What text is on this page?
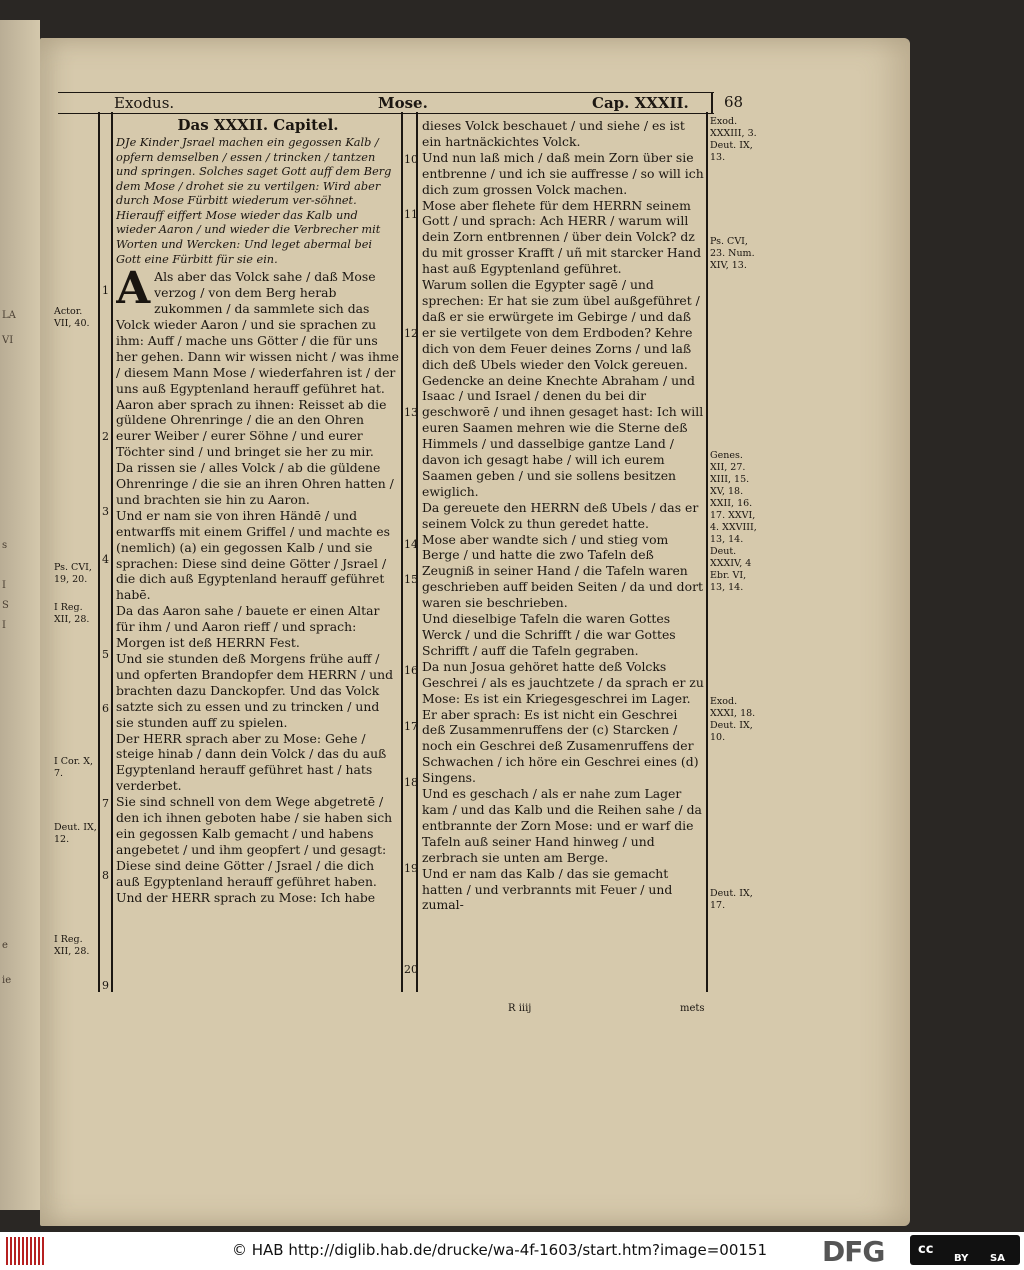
LA
VI
s
I
S
I
e
ie
Exodus.	Mose.	Cap. XXXII. 68
Das XXXII. Capitel.
DJe Kinder Jsrael machen ein gegossen Kalb / opfern demselben / essen / trincken / tantzen und springen. Solches saget Gott auff dem Berg dem Mose / drohet sie zu vertilgen: Wird aber durch Mose Fürbitt wiederum ver-söhnet. Hierauff eiffert Mose wieder das Kalb und wieder Aaron / und wieder die Verbrecher mit Worten und Wercken: Und leget abermal bei Gott eine Fürbitt für sie ein.

A Als aber das Volck sahe / daß Mose verzog / von dem Berg herab zukommen / da sammlete sich das Volck wieder Aaron / und sie sprachen zu ihm: Auff / mache uns Götter / die für uns her gehen. Dann wir wissen nicht / was ihme / diesem Mann Mose / wiederfahren ist / der uns auß Egyptenland herauff geführet hat.

Aaron aber sprach zu ihnen: Reisset ab die güldene Ohrenringe / die an den Ohren eurer Weiber / eurer Söhne / und eurer Töchter sind / und bringet sie her zu mir.

Da rissen sie / alles Volck / ab die güldene Ohrenringe / die sie an ihren Ohren hatten / und brachten sie hin zu Aaron.

Und er nam sie von ihren Händē / und entwarffs mit einem Griffel / und machte es (nemlich) (a) ein gegossen Kalb / und sie sprachen: Diese sind deine Götter / Jsrael / die dich auß Egyptenland herauff geführet habē.

Da das Aaron sahe / bauete er einen Altar für ihm / und Aaron rieff / und sprach: Morgen ist deß HERRN Fest.

Und sie stunden deß Morgens frühe auff / und opferten Brandopfer dem HERRN / und brachten dazu Danckopfer. Und das Volck satzte sich zu essen und zu trincken / und sie stunden auff zu spielen.

Der HERR sprach aber zu Mose: Gehe / steige hinab / dann dein Volck / das du auß Egyptenland herauff geführet hast / hats verderbet.

Sie sind schnell von dem Wege abgetretē / den ich ihnen geboten habe / sie haben sich ein gegossen Kalb gemacht / und habens angebetet / und ihm geopfert / und gesagt: Diese sind deine Götter / Jsrael / die dich auß Egyptenland herauff geführet haben.

Und der HERR sprach zu Mose: Ich habe

1
2
3
4
5
6
7
8
9

dieses Volck beschauet / und siehe / es ist ein hartnäckichtes Volck.

Und nun laß mich / daß mein Zorn über sie entbrenne / und ich sie auffresse / so will ich dich zum grossen Volck machen.

Mose aber flehete für dem HERRN seinem Gott / und sprach: Ach HERR / warum will dein Zorn entbrennen / über dein Volck? dz du mit grosser Krafft / uñ mit starcker Hand hast auß Egyptenland geführet.

Warum sollen die Egypter sagē / und sprechen: Er hat sie zum übel außgeführet / daß er sie erwürgete im Gebirge / und daß er sie vertilgete von dem Erdboden? Kehre dich von dem Feuer deines Zorns / und laß dich deß Ubels wieder den Volck gereuen.

Gedencke an deine Knechte Abraham / und Isaac / und Israel / denen du bei dir geschworē / und ihnen gesaget hast: Ich will euren Saamen mehren wie die Sterne deß Himmels / und dasselbige gantze Land / davon ich gesagt habe / will ich eurem Saamen geben / und sie sollens besitzen ewiglich.

Da gereuete den HERRN deß Ubels / das er seinem Volck zu thun geredet hatte.

Mose aber wandte sich / und stieg vom Berge / und hatte die zwo Tafeln deß Zeugniß in seiner Hand / die Tafeln waren geschrieben auff beiden Seiten / da und dort waren sie beschrieben.

Und dieselbige Tafeln die waren Gottes Werck / und die Schrifft / die war Gottes Schrifft / auff die Tafeln gegraben.

Da nun Josua gehöret hatte deß Volcks Geschrei / als es jauchtzete / da sprach er zu Mose: Es ist ein Kriegesgeschrei im Lager.

Er aber sprach: Es ist nicht ein Geschrei deß Zusammenruffens der (c) Starcken / noch ein Geschrei deß Zusamenruffens der Schwachen / ich höre ein Geschrei eines (d) Singens.

Und es geschach / als er nahe zum Lager kam / und das Kalb und die Reihen sahe / da entbrannte der Zorn Mose: und er warf die Tafeln auß seiner Hand hinweg / und zerbrach sie unten am Berge.

Und er nam das Kalb / das sie gemacht hatten / und verbrannts mit Feuer / und zumal-

10
11
12
13
14
15
16
17
18
19
20
Actor. VII, 40.
Ps. CVI, 19, 20.
I Reg. XII, 28.
I Cor. X, 7.
Deut. IX, 12.
I Reg. XII, 28.
Exod. XXXIII, 3. Deut. IX, 13.
Ps. CVI, 23. Num. XIV, 13.
Genes. XII, 27. XIII, 15. XV, 18. XXII, 16. 17. XXVI, 4. XXVIII, 13, 14. Deut. XXXIV, 4 Ebr. VI, 13, 14.
Exod. XXXI, 18. Deut. IX, 10.
Deut. IX, 17.
R iiij	mets
© HAB http://diglib.hab.de/drucke/wa-4f-1603/start.htm?image=00151 DFG	cc
BY SA
